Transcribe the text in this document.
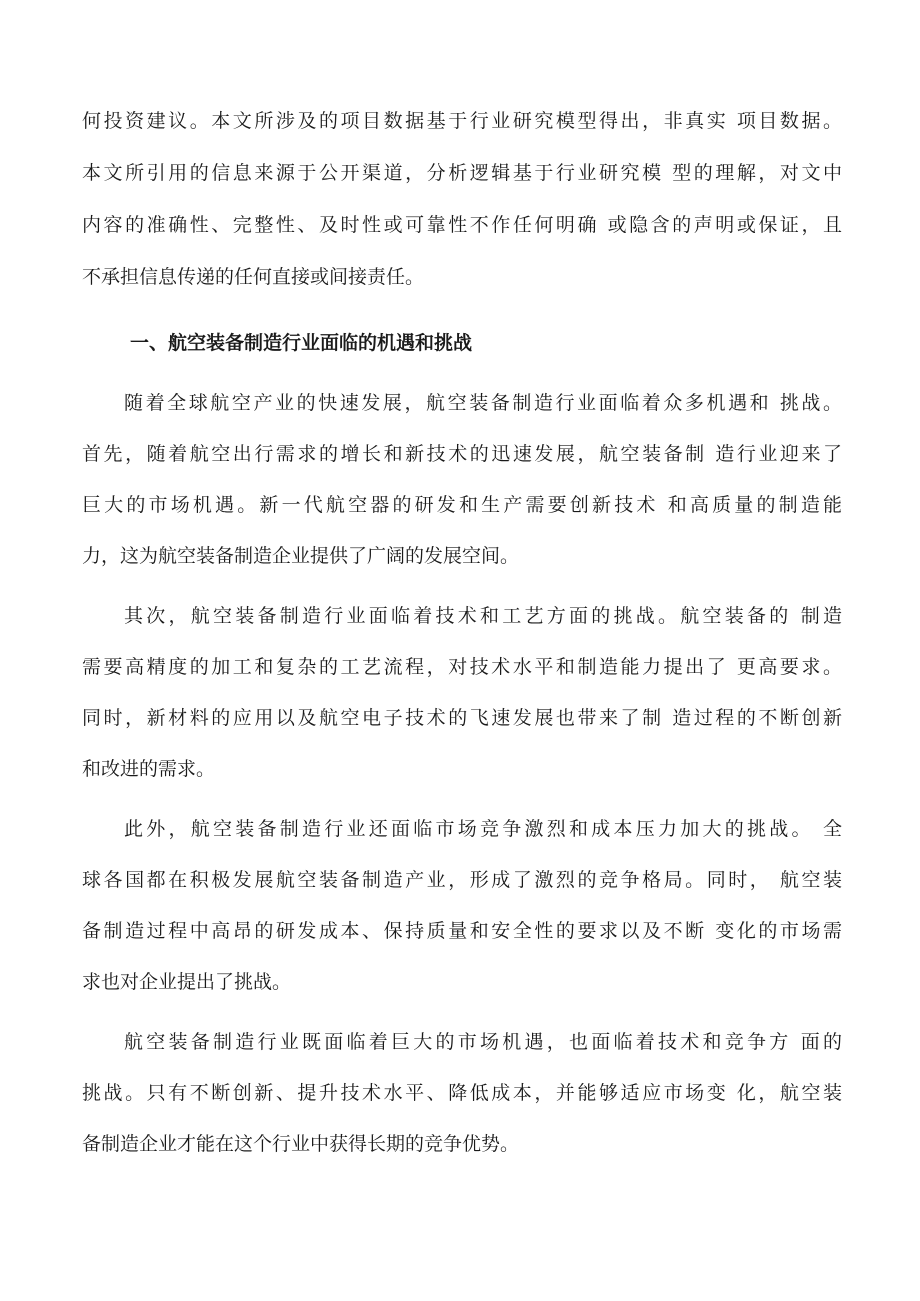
何投资建议。本文所涉及的项目数据基于行业研究模型得出，非真实 项目数据。
本文所引用的信息来源于公开渠道，分析逻辑基于行业研究模 型的理解，对文中
内容的准确性、完整性、及时性或可靠性不作任何明确 或隐含的声明或保证，且
不承担信息传递的任何直接或间接责任。
一、航空装备制造行业面临的机遇和挑战
随着全球航空产业的快速发展，航空装备制造行业面临着众多机遇和 挑战。
首先，随着航空出行需求的增长和新技术的迅速发展，航空装备制 造行业迎来了
巨大的市场机遇。新一代航空器的研发和生产需要创新技术 和高质量的制造能
力，这为航空装备制造企业提供了广阔的发展空间。
其次，航空装备制造行业面临着技术和工艺方面的挑战。航空装备的 制造
需要高精度的加工和复杂的工艺流程，对技术水平和制造能力提出了 更高要求。
同时，新材料的应用以及航空电子技术的飞速发展也带来了制 造过程的不断创新
和改进的需求。
此外，航空装备制造行业还面临市场竞争激烈和成本压力加大的挑战。 全
球各国都在积极发展航空装备制造产业，形成了激烈的竞争格局。同时， 航空装
备制造过程中高昂的研发成本、保持质量和安全性的要求以及不断 变化的市场需
求也对企业提出了挑战。
航空装备制造行业既面临着巨大的市场机遇，也面临着技术和竞争方 面的
挑战。只有不断创新、提升技术水平、降低成本，并能够适应市场变 化，航空装
备制造企业才能在这个行业中获得长期的竞争优势。
